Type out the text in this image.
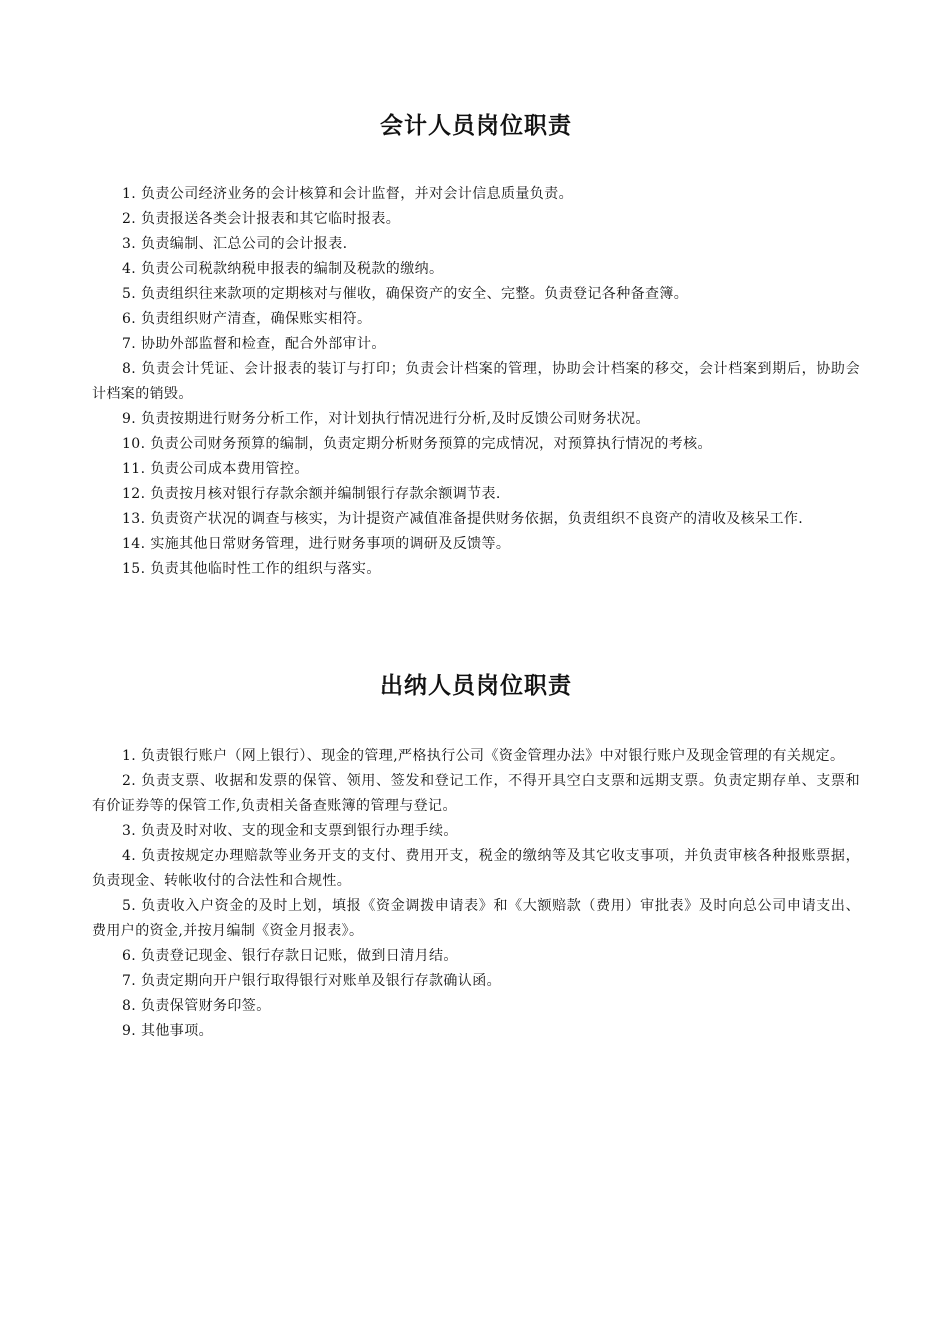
会计人员岗位职责

1. 负责公司经济业务的会计核算和会计监督，并对会计信息质量负责。

2. 负责报送各类会计报表和其它临时报表。

3. 负责编制、汇总公司的会计报表.

4. 负责公司税款纳税申报表的编制及税款的缴纳。

5. 负责组织往来款项的定期核对与催收，确保资产的安全、完整。负责登记各种备查簿。

6. 负责组织财产清查，确保账实相符。

7. 协助外部监督和检查，配合外部审计。

8. 负责会计凭证、会计报表的装订与打印；负责会计档案的管理，协助会计档案的移交，会计档案到期后，协助会计档案的销毁。

9. 负责按期进行财务分析工作，对计划执行情况进行分析,及时反馈公司财务状况。

10. 负责公司财务预算的编制，负责定期分析财务预算的完成情况，对预算执行情况的考核。

11. 负责公司成本费用管控。

12. 负责按月核对银行存款余额并编制银行存款余额调节表.

13. 负责资产状况的调查与核实，为计提资产减值准备提供财务依据，负责组织不良资产的清收及核呆工作.

14. 实施其他日常财务管理，进行财务事项的调研及反馈等。

15. 负责其他临时性工作的组织与落实。

出纳人员岗位职责

1. 负责银行账户（网上银行）、现金的管理,严格执行公司《资金管理办法》中对银行账户及现金管理的有关规定。

2. 负责支票、收据和发票的保管、领用、签发和登记工作，不得开具空白支票和远期支票。负责定期存单、支票和有价证券等的保管工作,负责相关备查账簿的管理与登记。

3. 负责及时对收、支的现金和支票到银行办理手续。

4. 负责按规定办理赔款等业务开支的支付、费用开支，税金的缴纳等及其它收支事项，并负责审核各种报账票据，负责现金、转帐收付的合法性和合规性。

5. 负责收入户资金的及时上划，填报《资金调拨申请表》和《大额赔款（费用）审批表》及时向总公司申请支出、费用户的资金,并按月编制《资金月报表》。

6. 负责登记现金、银行存款日记账，做到日清月结。

7. 负责定期向开户银行取得银行对账单及银行存款确认函。

8. 负责保管财务印签。

9. 其他事项。
